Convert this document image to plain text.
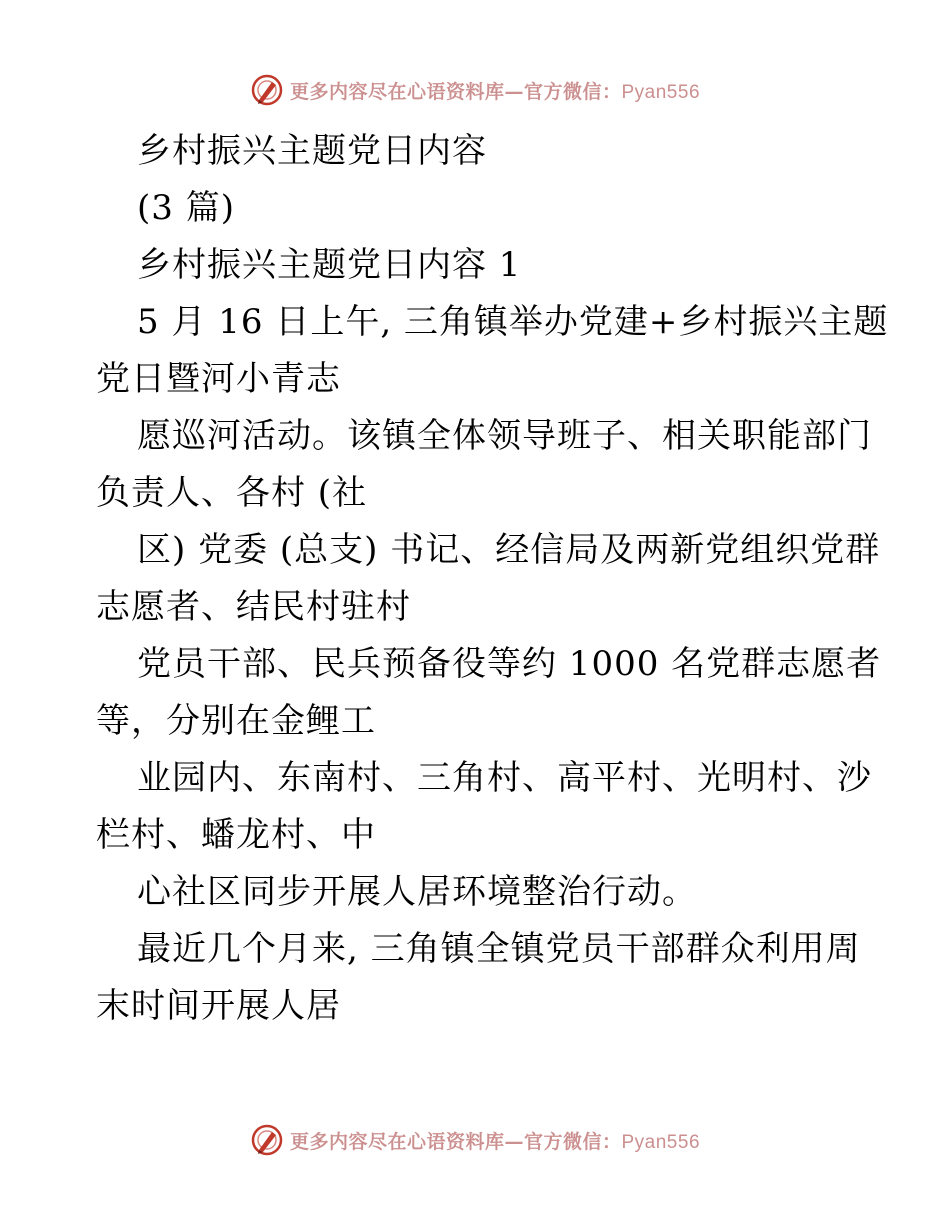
更多内容尽在心语资料库—官方微信：Pyan556
乡村振兴主题党日内容
(3 篇)
乡村振兴主题党日内容 1
5 月 16 日上午, 三角镇举办党建+乡村振兴主题
党日暨河小青志
愿巡河活动。该镇全体领导班子、相关职能部门
负责人、各村 (社
区) 党委 (总支) 书记、经信局及两新党组织党群
志愿者、结民村驻村
党员干部、民兵预备役等约 1000 名党群志愿者
等，分别在金鲤工
业园内、东南村、三角村、高平村、光明村、沙
栏村、蟠龙村、中
心社区同步开展人居环境整治行动。
最近几个月来, 三角镇全镇党员干部群众利用周
末时间开展人居
更多内容尽在心语资料库—官方微信：Pyan556
